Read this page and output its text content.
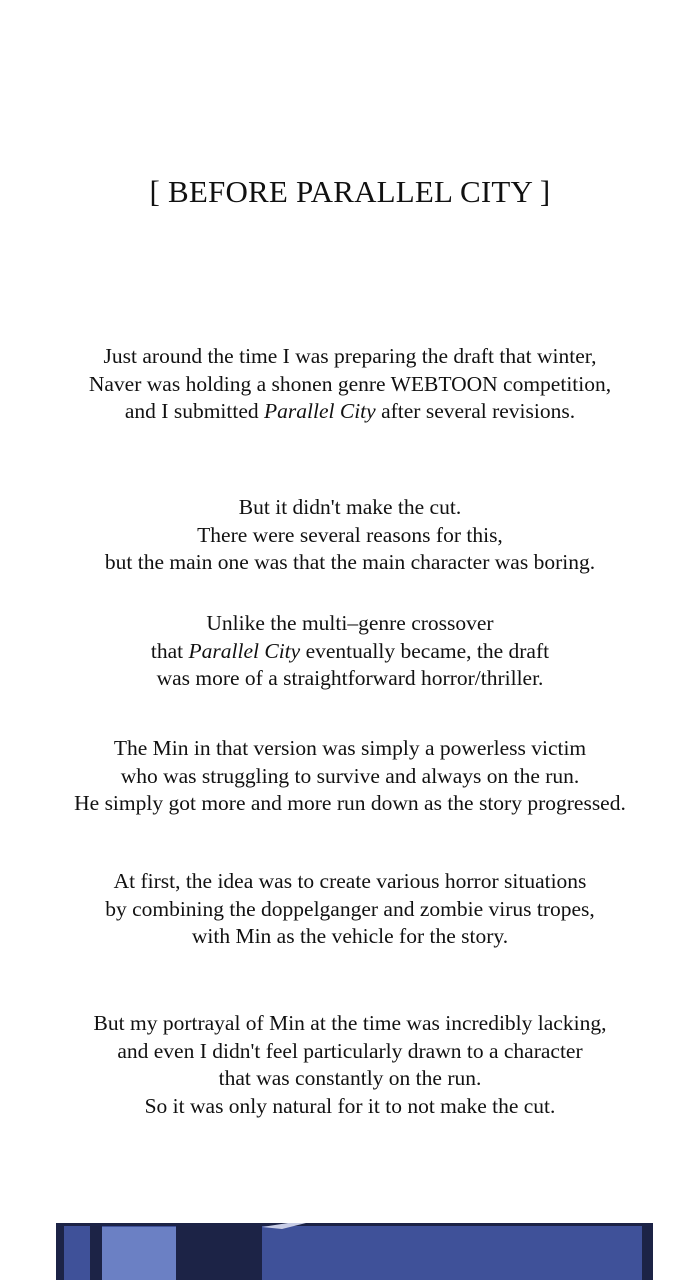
[ BEFORE PARALLEL CITY ]
Just around the time I was preparing the draft that winter,
Naver was holding a shonen genre WEBTOON competition,
and I submitted Parallel City after several revisions.
But it didn't make the cut.
There were several reasons for this,
but the main one was that the main character was boring.
Unlike the multi–genre crossover
that Parallel City eventually became, the draft
was more of a straightforward horror/thriller.
The Min in that version was simply a powerless victim
who was struggling to survive and always on the run.
He simply got more and more run down as the story progressed.
At first, the idea was to create various horror situations
by combining the doppelganger and zombie virus tropes,
with Min as the vehicle for the story.
But my portrayal of Min at the time was incredibly lacking,
and even I didn't feel particularly drawn to a character
that was constantly on the run.
So it was only natural for it to not make the cut.
